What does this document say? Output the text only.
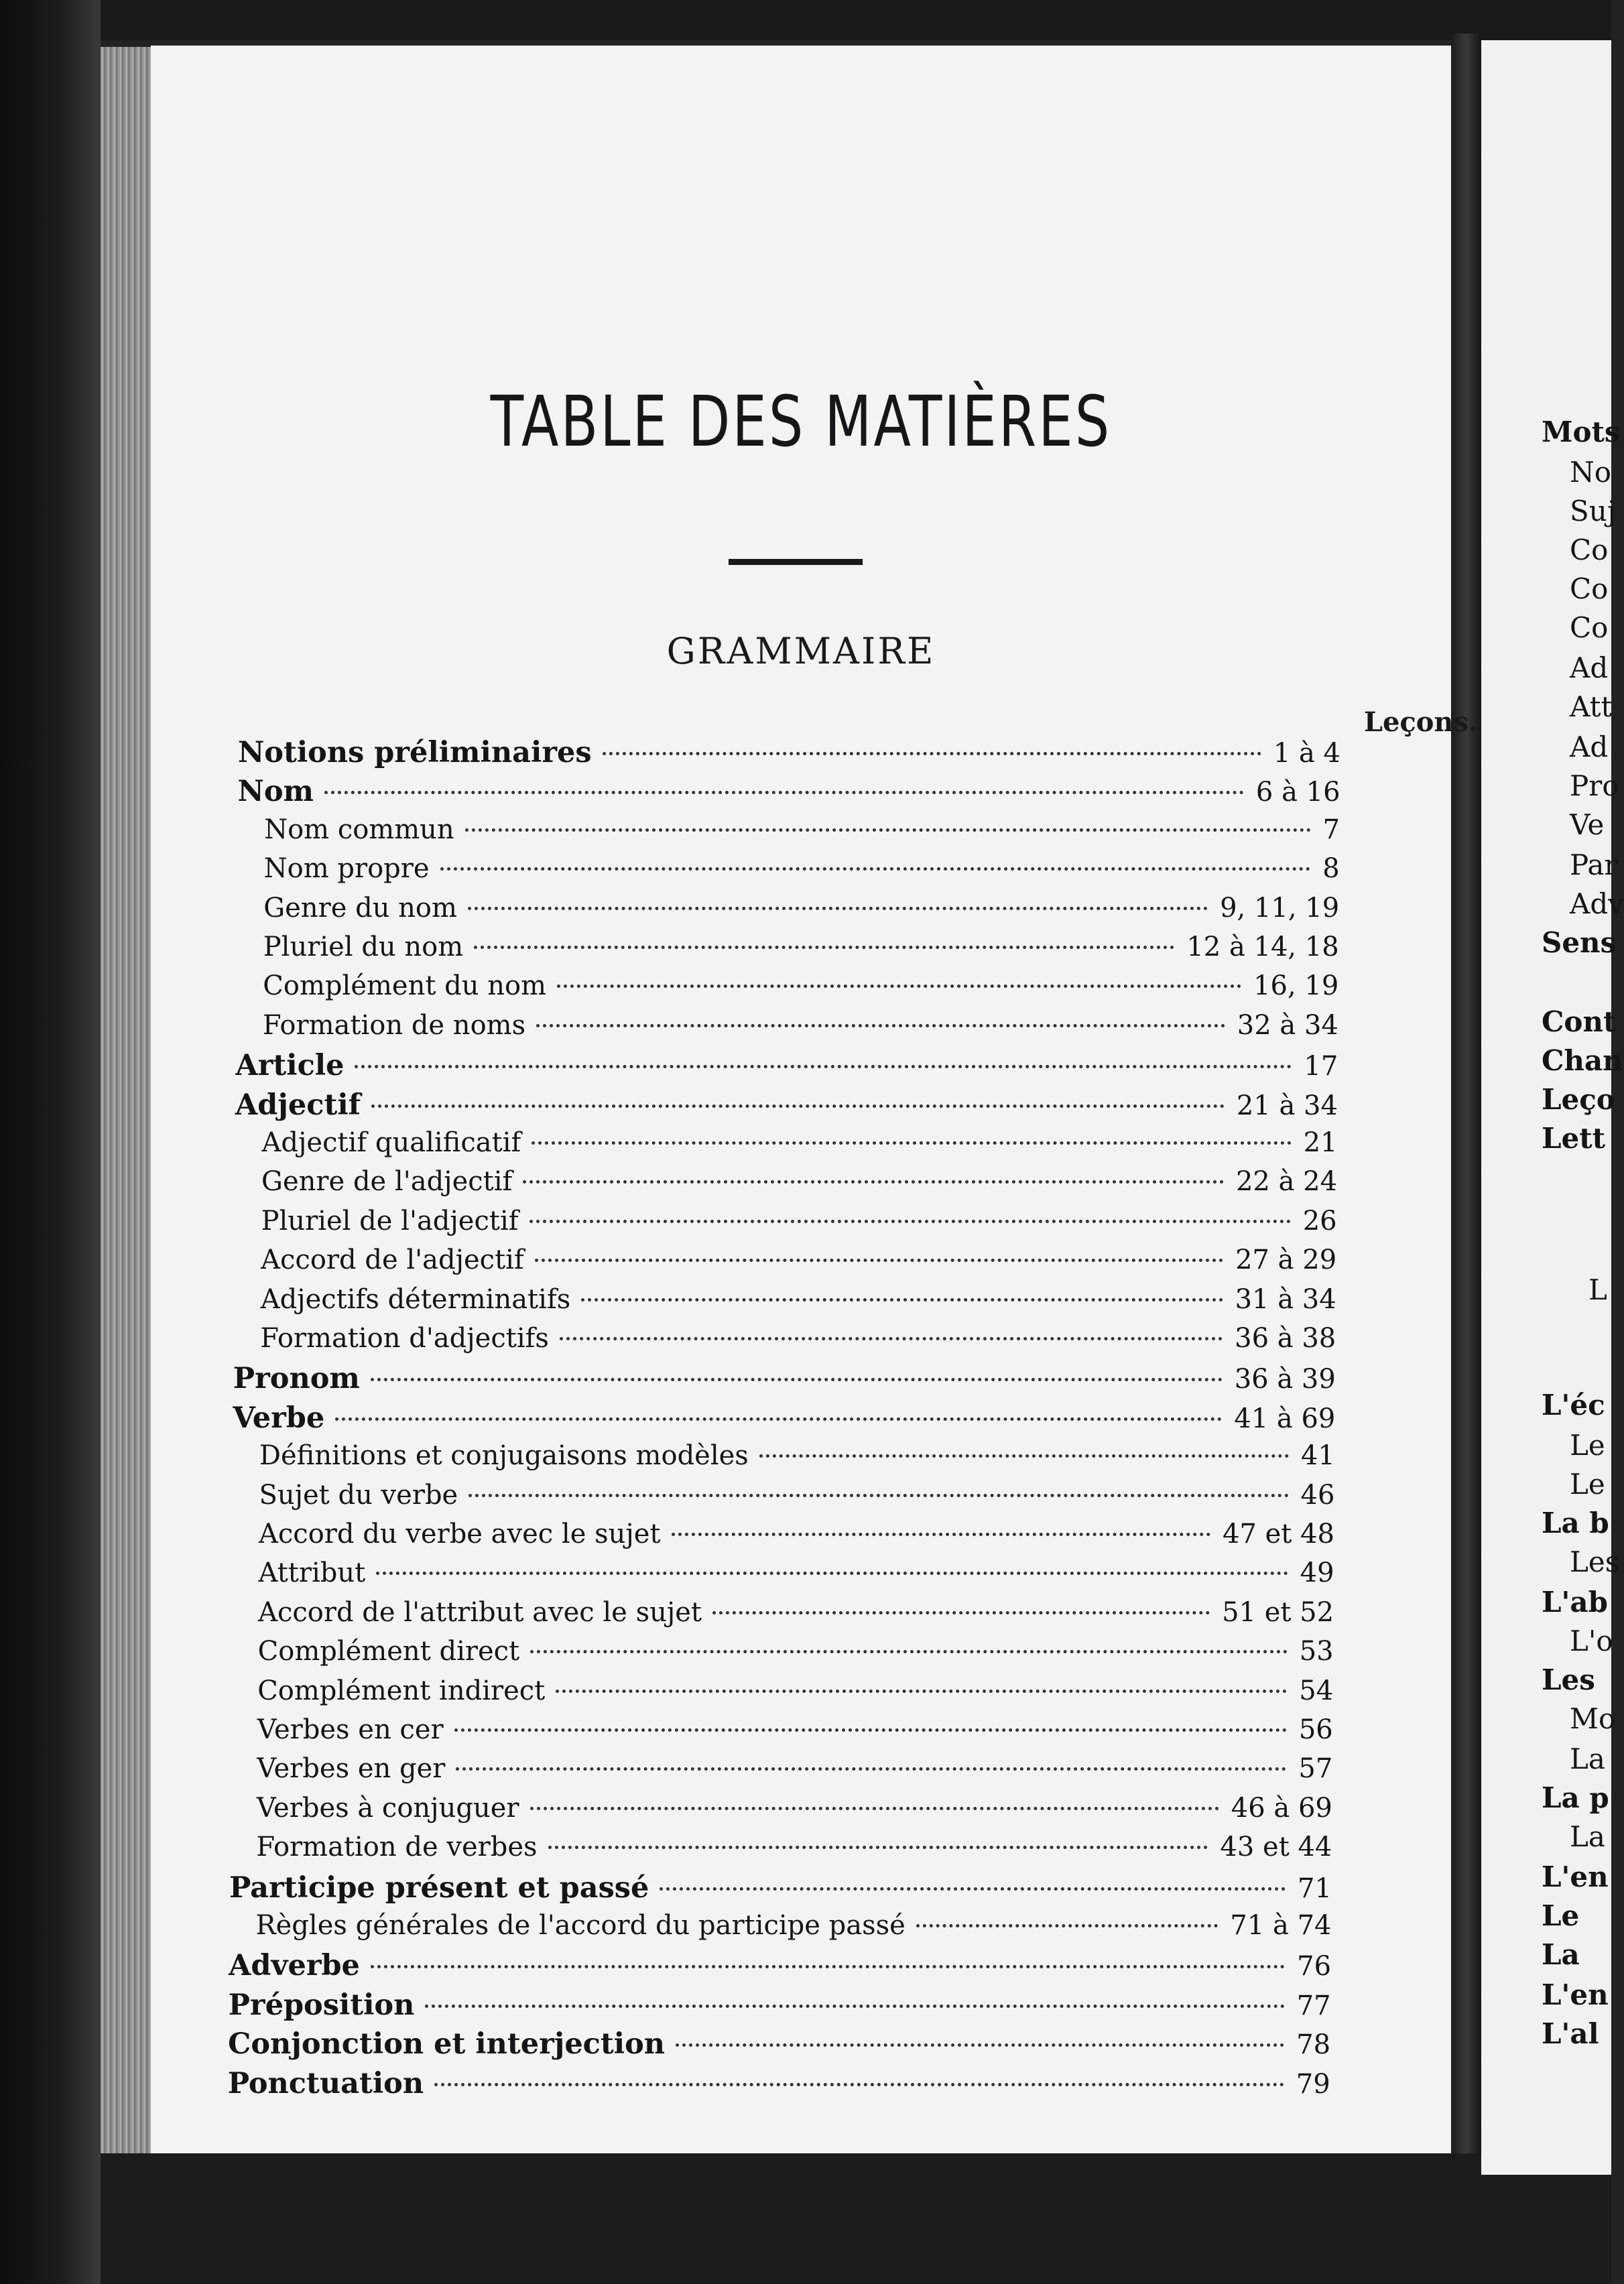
TABLE DES MATIÈRES
GRAMMAIRE
Leçons.
Notions préliminaires	1 à 4
Nom	6 à 16
Nom commun	7
Nom propre	8
Genre du nom	9, 11, 19
Pluriel du nom	12 à 14, 18
Complément du nom	16, 19
Formation de noms	32 à 34
Article	17
Adjectif	21 à 34
Adjectif qualificatif	21
Genre de l'adjectif	22 à 24
Pluriel de l'adjectif	26
Accord de l'adjectif	27 à 29
Adjectifs déterminatifs	31 à 34
Formation d'adjectifs	36 à 38
Pronom	36 à 39
Verbe	41 à 69
Définitions et conjugaisons modèles	41
Sujet du verbe	46
Accord du verbe avec le sujet	47 et 48
Attribut	49
Accord de l'attribut avec le sujet	51 et 52
Complément direct	53
Complément indirect	54
Verbes en cer	56
Verbes en ger	57
Verbes à conjuguer	46 à 69
Formation de verbes	43 et 44
Participe présent et passé	71
Règles générales de l'accord du participe passé	71 à 74
Adverbe	76
Préposition	77
Conjonction et interjection	78
Ponctuation	79
Mots
No
Suj
Co
Co
Co
Ad
Att
Ad
Pro
Ve
Par
Adv
Sens
Cont
Chan
Leço
Lett
L
L'éc
Le
Le
La b
Les
L'ab
L'o
Les
Mo
La
La p
La
L'en
Le
La
L'en
L'al
